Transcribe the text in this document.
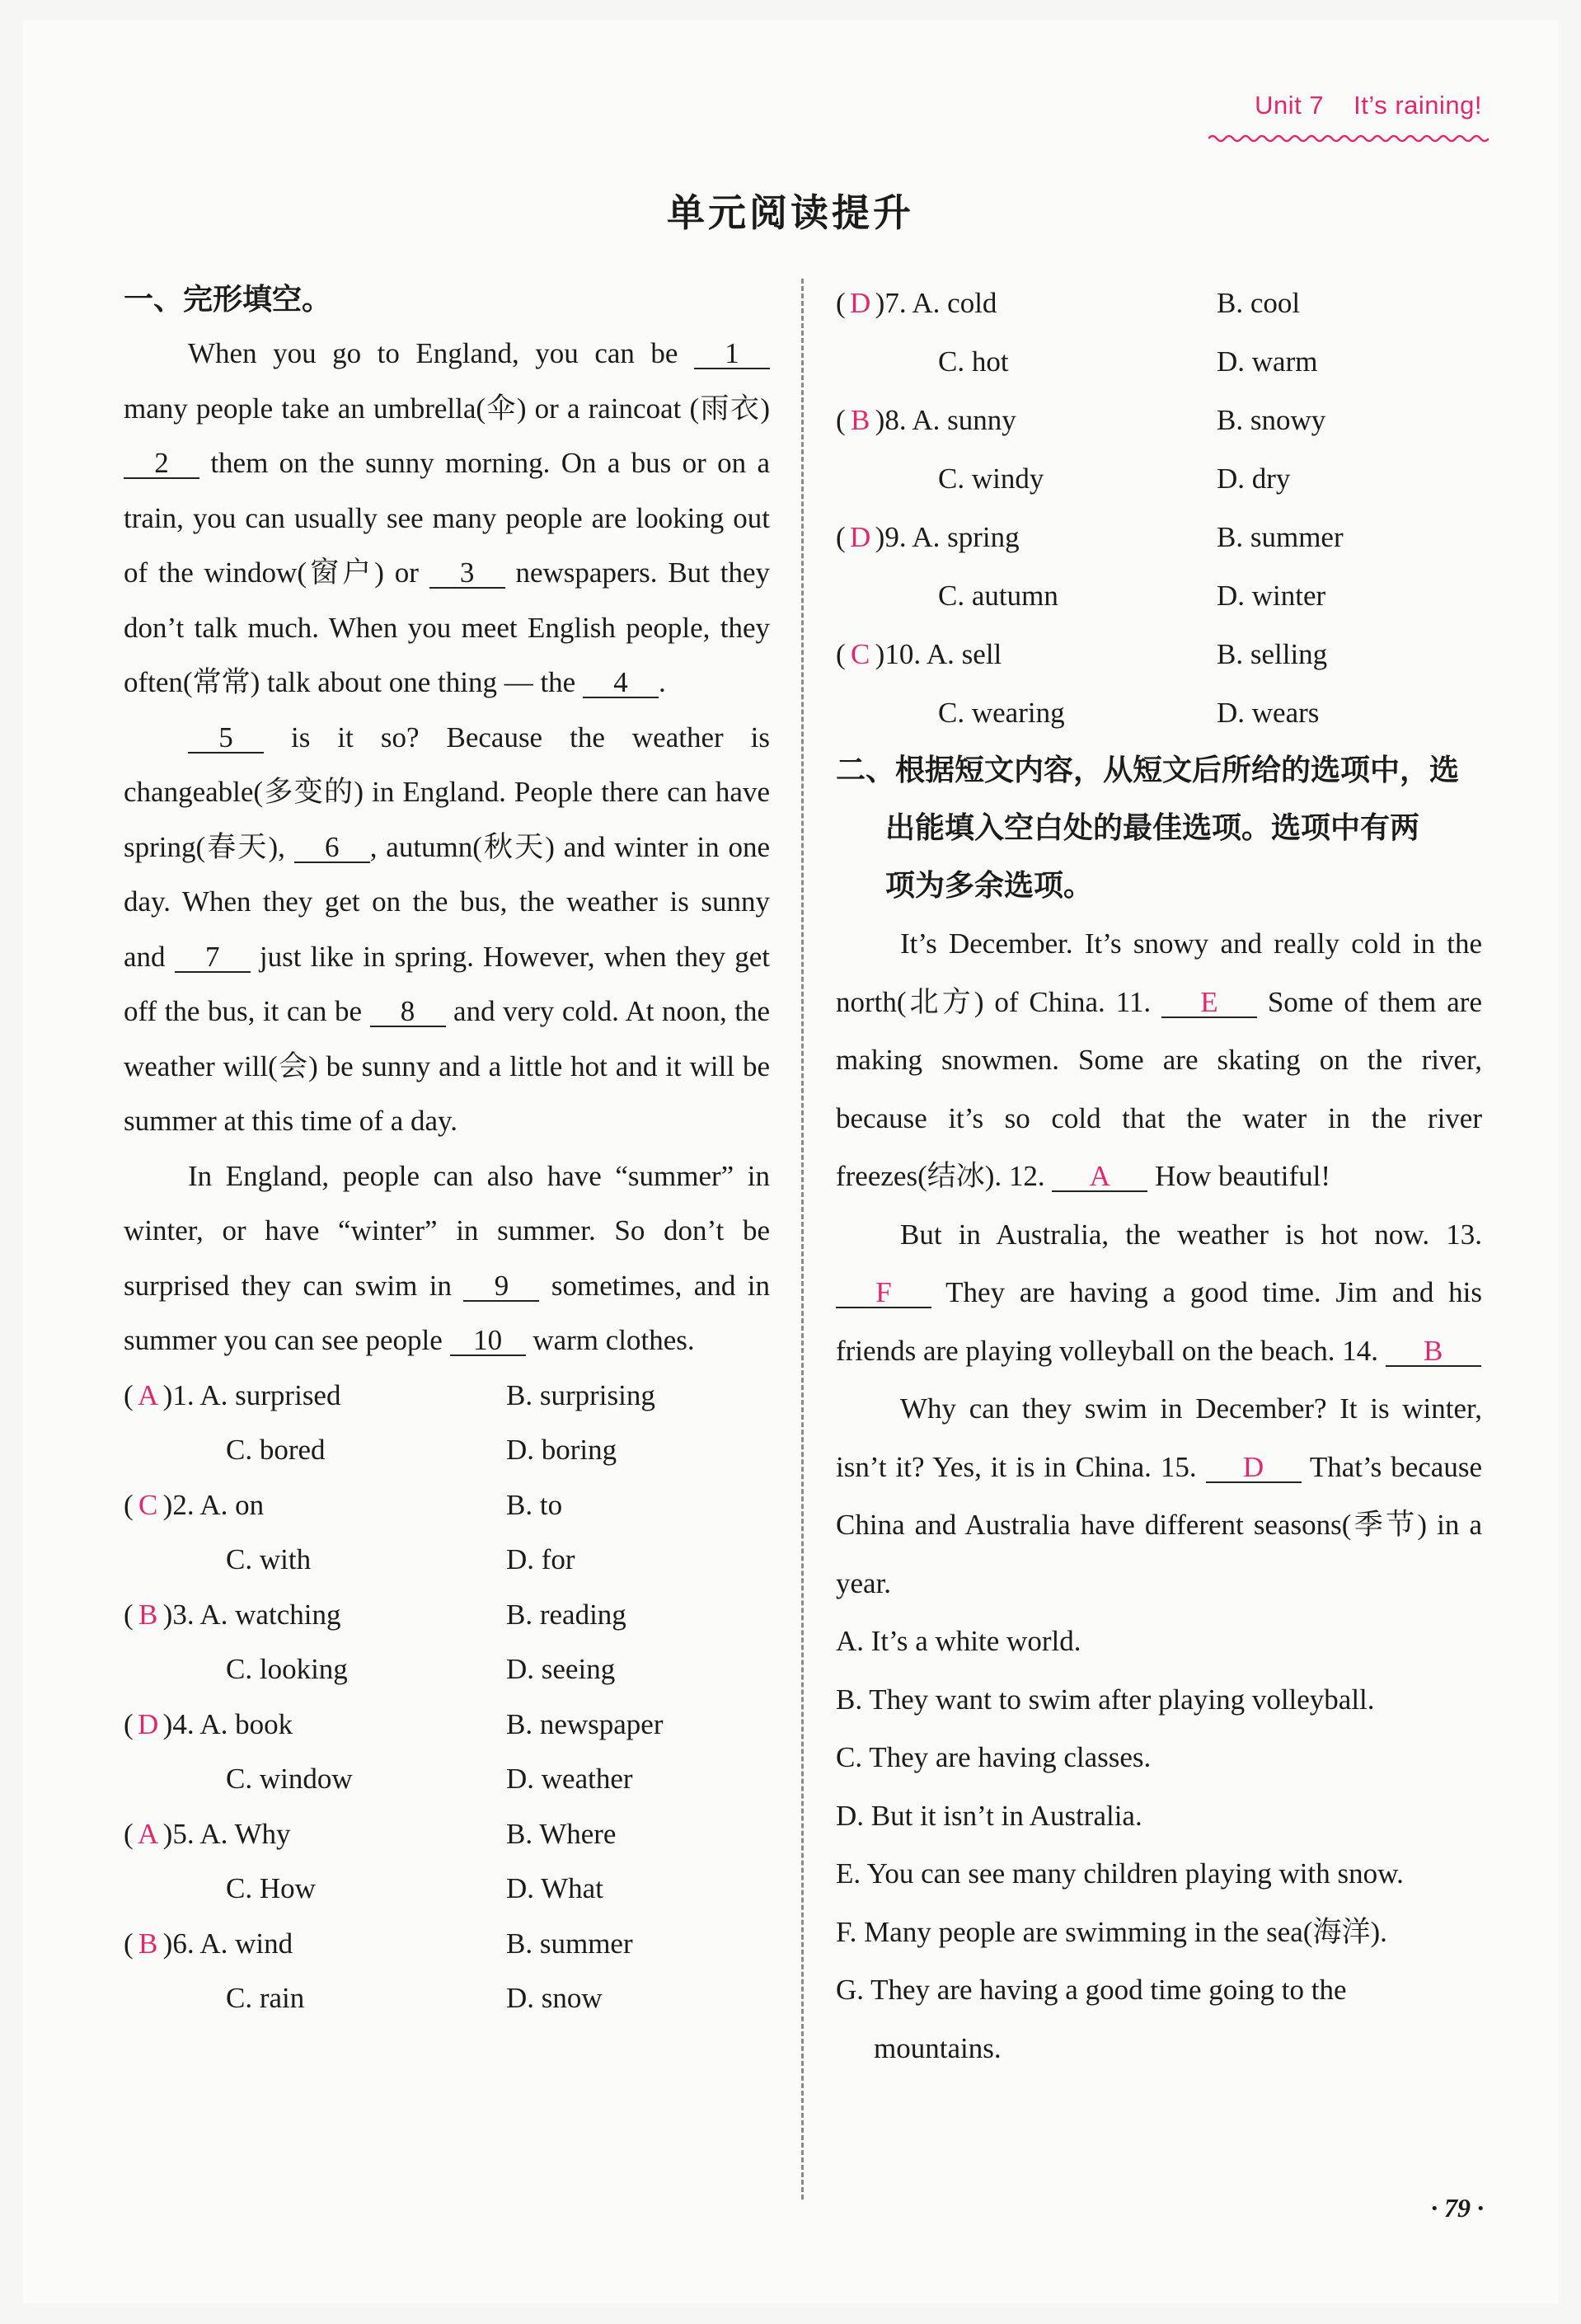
Unit 7 It’s raining!
单元阅读提升
一、完形填空。

When you go to England, you can be 1 many people take an umbrella(伞) or a raincoat (雨衣) 2 them on the sunny morning. On a bus or on a train, you can usually see many people are looking out of the window(窗户) or 3 newspapers. But they don’t talk much. When you meet English people, they often(常常) talk about one thing — the 4 .

5 is it so? Because the weather is changeable(多变的) in England. People there can have spring(春天), 6 , autumn(秋天) and winter in one day. When they get on the bus, the weather is sunny and 7 just like in spring. However, when they get off the bus, it can be 8 and very cold. At noon, the weather will(会) be sunny and a little hot and it will be summer at this time of a day.

In England, people can also have “summer” in winter, or have “winter” in summer. So don’t be surprised they can swim in 9 sometimes, and in summer you can see people 10 warm clothes.

( A )1. A. surprised	B. surprising
C. bored	D. boring
( C )2. A. on	B. to
C. with	D. for
( B )3. A. watching	B. reading
C. looking	D. seeing
( D )4. A. book	B. newspaper
C. window	D. weather
( A )5. A. Why	B. Where
C. How	D. What
( B )6. A. wind	B. summer
C. rain	D. snow
( D )7. A. cold	B. cool
C. hot	D. warm
( B )8. A. sunny	B. snowy
C. windy	D. dry
( D )9. A. spring	B. summer
C. autumn	D. winter
( C )10. A. sell	B. selling
C. wearing	D. wears
二、根据短文内容，从短文后所给的选项中，选
出能填入空白处的最佳选项。选项中有两
项为多余选项。

It’s December. It’s snowy and really cold in the north(北方) of China. 11. E Some of them are making snowmen. Some are skating on the river, because it’s so cold that the water in the river freezes(结冰). 12. A How beautiful!

But in Australia, the weather is hot now. 13. F They are having a good time. Jim and his friends are playing volleyball on the beach. 14. B

Why can they swim in December? It is winter, isn’t it? Yes, it is in China. 15. D That’s because China and Australia have different seasons(季节) in a year.

A. It’s a white world.
B. They want to swim after playing volleyball.
C. They are having classes.
D. But it isn’t in Australia.
E. You can see many children playing with snow.
F. Many people are swimming in the sea(海洋).
G. They are having a good time going to the
mountains.
· 79 ·
